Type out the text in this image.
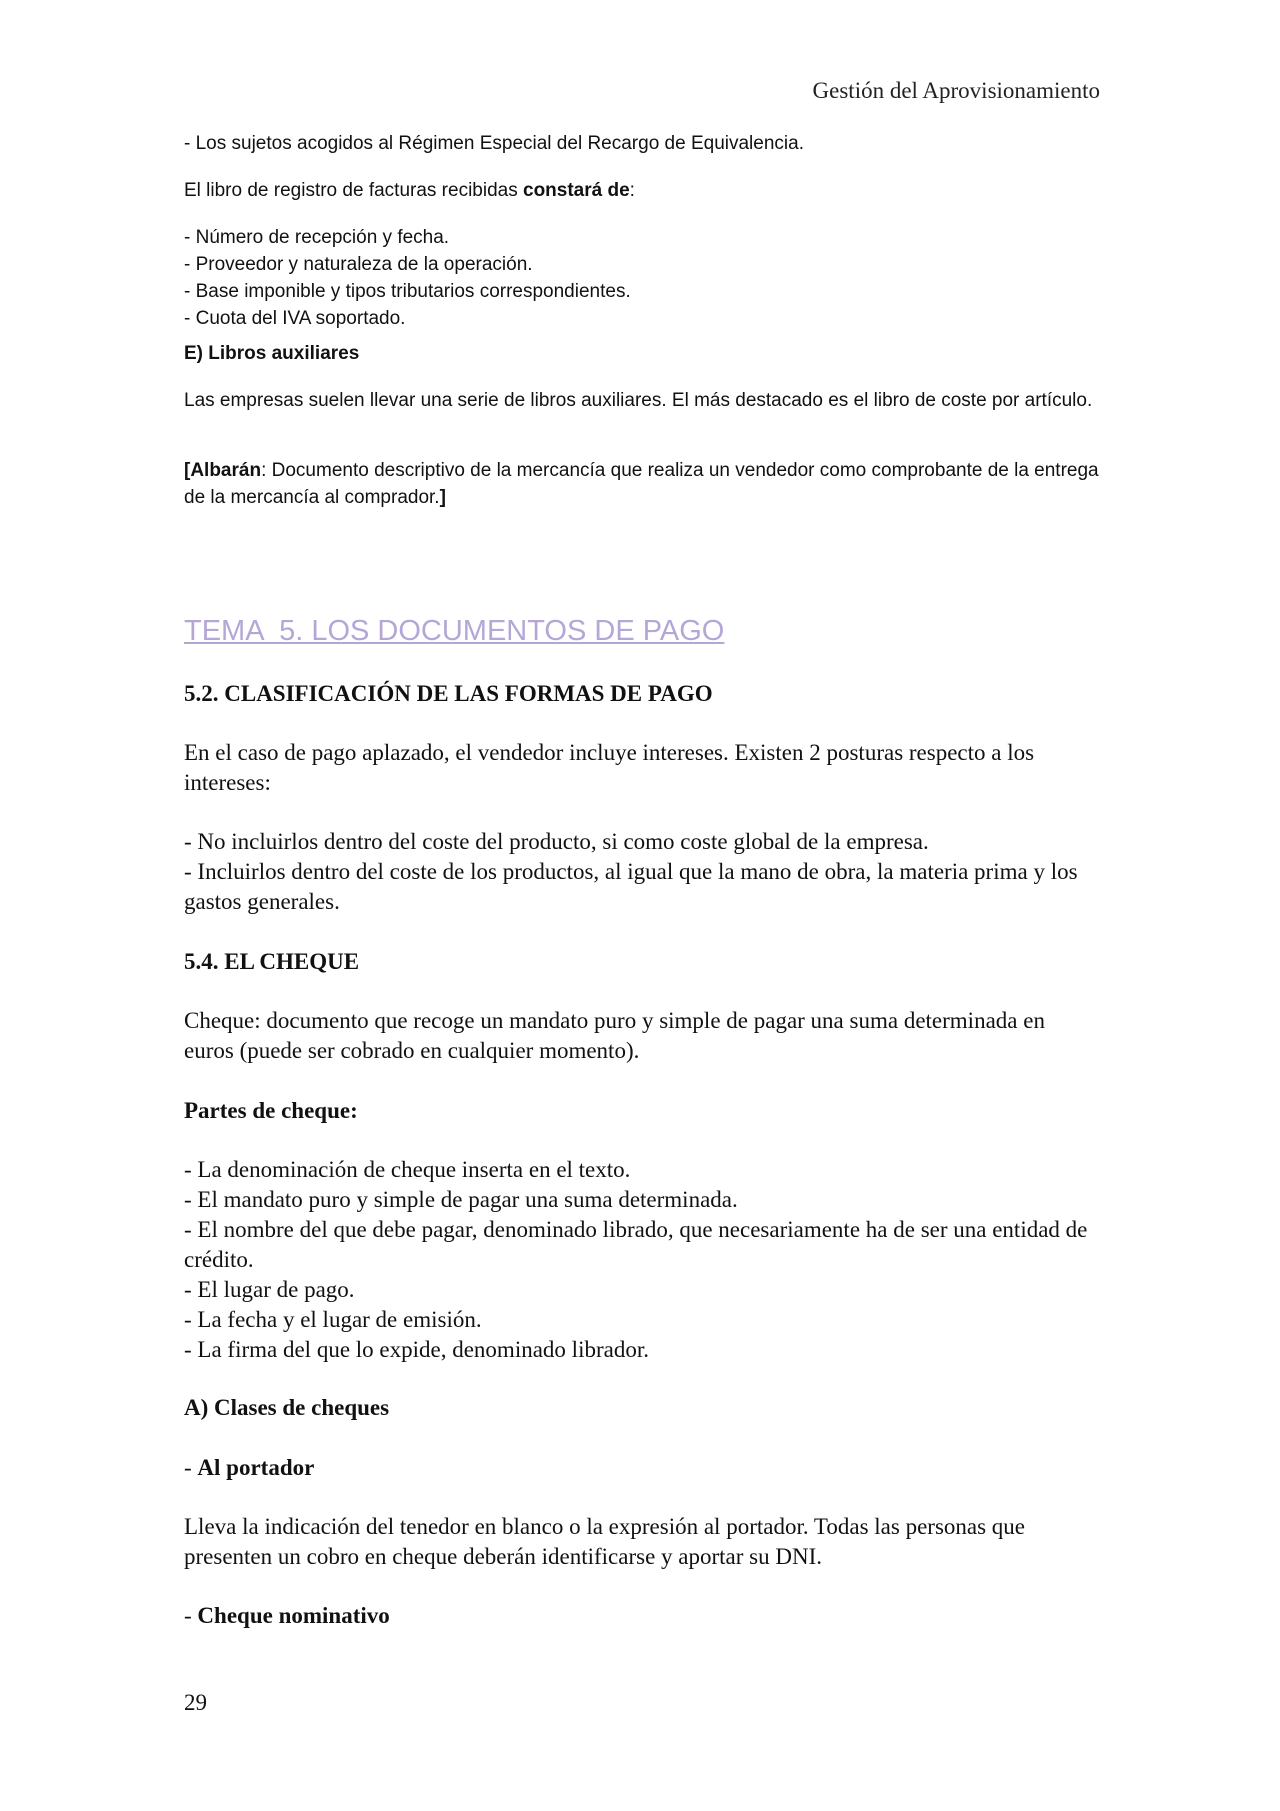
Gestión del Aprovisionamiento

- Los sujetos acogidos al Régimen Especial del Recargo de Equivalencia.

El libro de registro de facturas recibidas constará de:

- Número de recepción y fecha.
- Proveedor y naturaleza de la operación.
- Base imponible y tipos tributarios correspondientes.
- Cuota del IVA soportado.

E) Libros auxiliares

Las empresas suelen llevar una serie de libros auxiliares. El más destacado es el libro de coste por artículo.

[Albarán: Documento descriptivo de la mercancía que realiza un vendedor como comprobante de la entrega de la mercancía al comprador.]

TEMA  5. LOS DOCUMENTOS DE PAGO
5.2. CLASIFICACIÓN DE LAS FORMAS DE PAGO

En el caso de pago aplazado, el vendedor incluye intereses. Existen 2 posturas respecto a los intereses:

- No incluirlos dentro del coste del producto, si como coste global de la empresa.
- Incluirlos dentro del coste de los productos, al igual que la mano de obra, la materia prima y los gastos generales.
5.4. EL CHEQUE

Cheque: documento que recoge un mandato puro y simple de pagar una suma determinada en euros (puede ser cobrado en cualquier momento).

Partes de cheque:

- La denominación de cheque inserta en el texto.
- El mandato puro y simple de pagar una suma determinada.
- El nombre del que debe pagar, denominado librado, que necesariamente ha de ser una entidad de crédito.
- El lugar de pago.
- La fecha y el lugar de emisión.
- La firma del que lo expide, denominado librador.

A) Clases de cheques

- Al portador

Lleva la indicación del tenedor en blanco o la expresión al portador. Todas las personas que presenten un cobro en cheque deberán identificarse y aportar su DNI.

- Cheque nominativo

29
